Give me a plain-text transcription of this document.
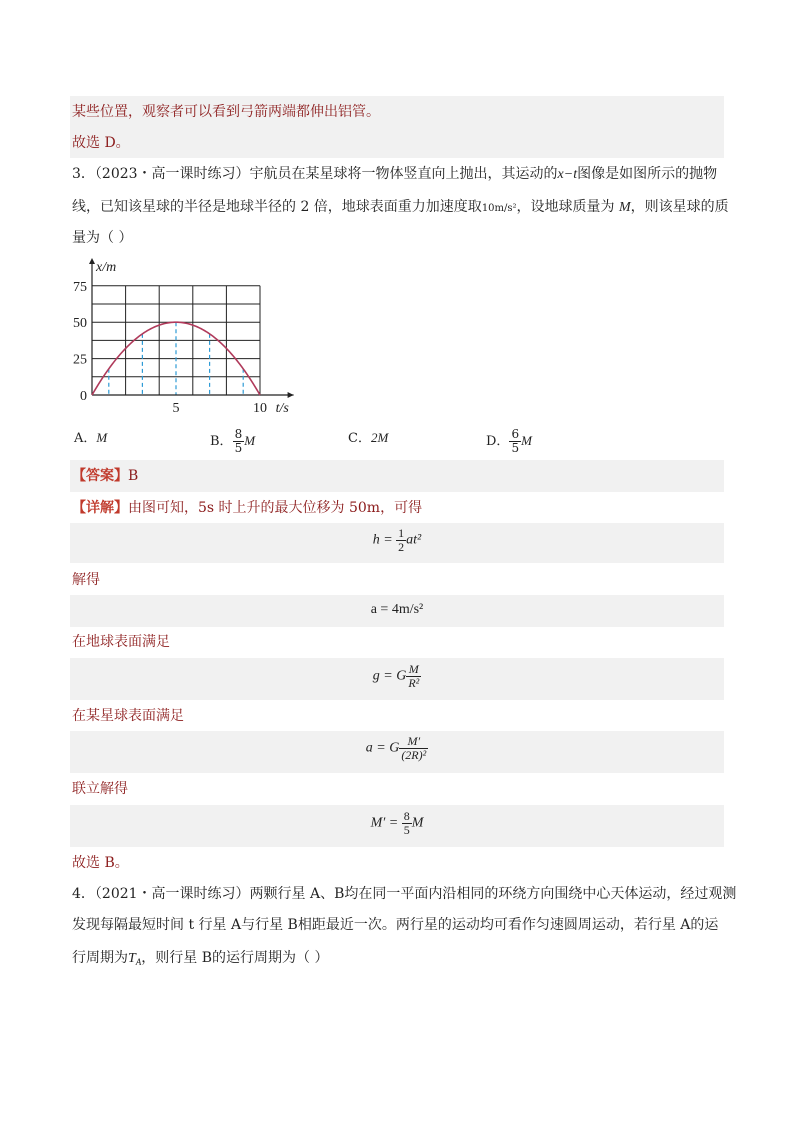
某些位置，观察者可以看到弓箭两端都伸出铝管。
故选 D。
3．（2023・高一课时练习）宇航员在某星球将一物体竖直向上抛出，其运动的x−t图像是如图所示的抛物
线，已知该星球的半径是地球半径的 2 倍，地球表面重力加速度取10m/s²，设地球质量为 M，则该星球的质
量为（ ）
0
25
50
75
5	10
x/m
t/s
A．M	B． $\frac{8}{5}$ M	C．2M	D． $\frac{6}{5}$ M
【答案】B
【详解】由图可知，5s 时上升的最大位移为 50m，可得
$h = \frac{1}{2} at^2$
解得
a = 4m/s²
在地球表面满足
g = G $\frac{M}{\text{R²}}$
在某星球表面满足
a = G $\frac{M'}{\text{(2R)²}}$
联立解得
$M' = \frac{8}{5}$ M
故选 B。
4．（2021・高一课时练习）两颗行星 A、B均在同一平面内沿相同的环绕方向围绕中心天体运动，经过观测
发现每隔最短时间 t 行星 A与行星 B相距最近一次。两行星的运动均可看作匀速圆周运动，若行星 A的运
行周期为$T_A$，则行星 B的运行周期为（ ）
